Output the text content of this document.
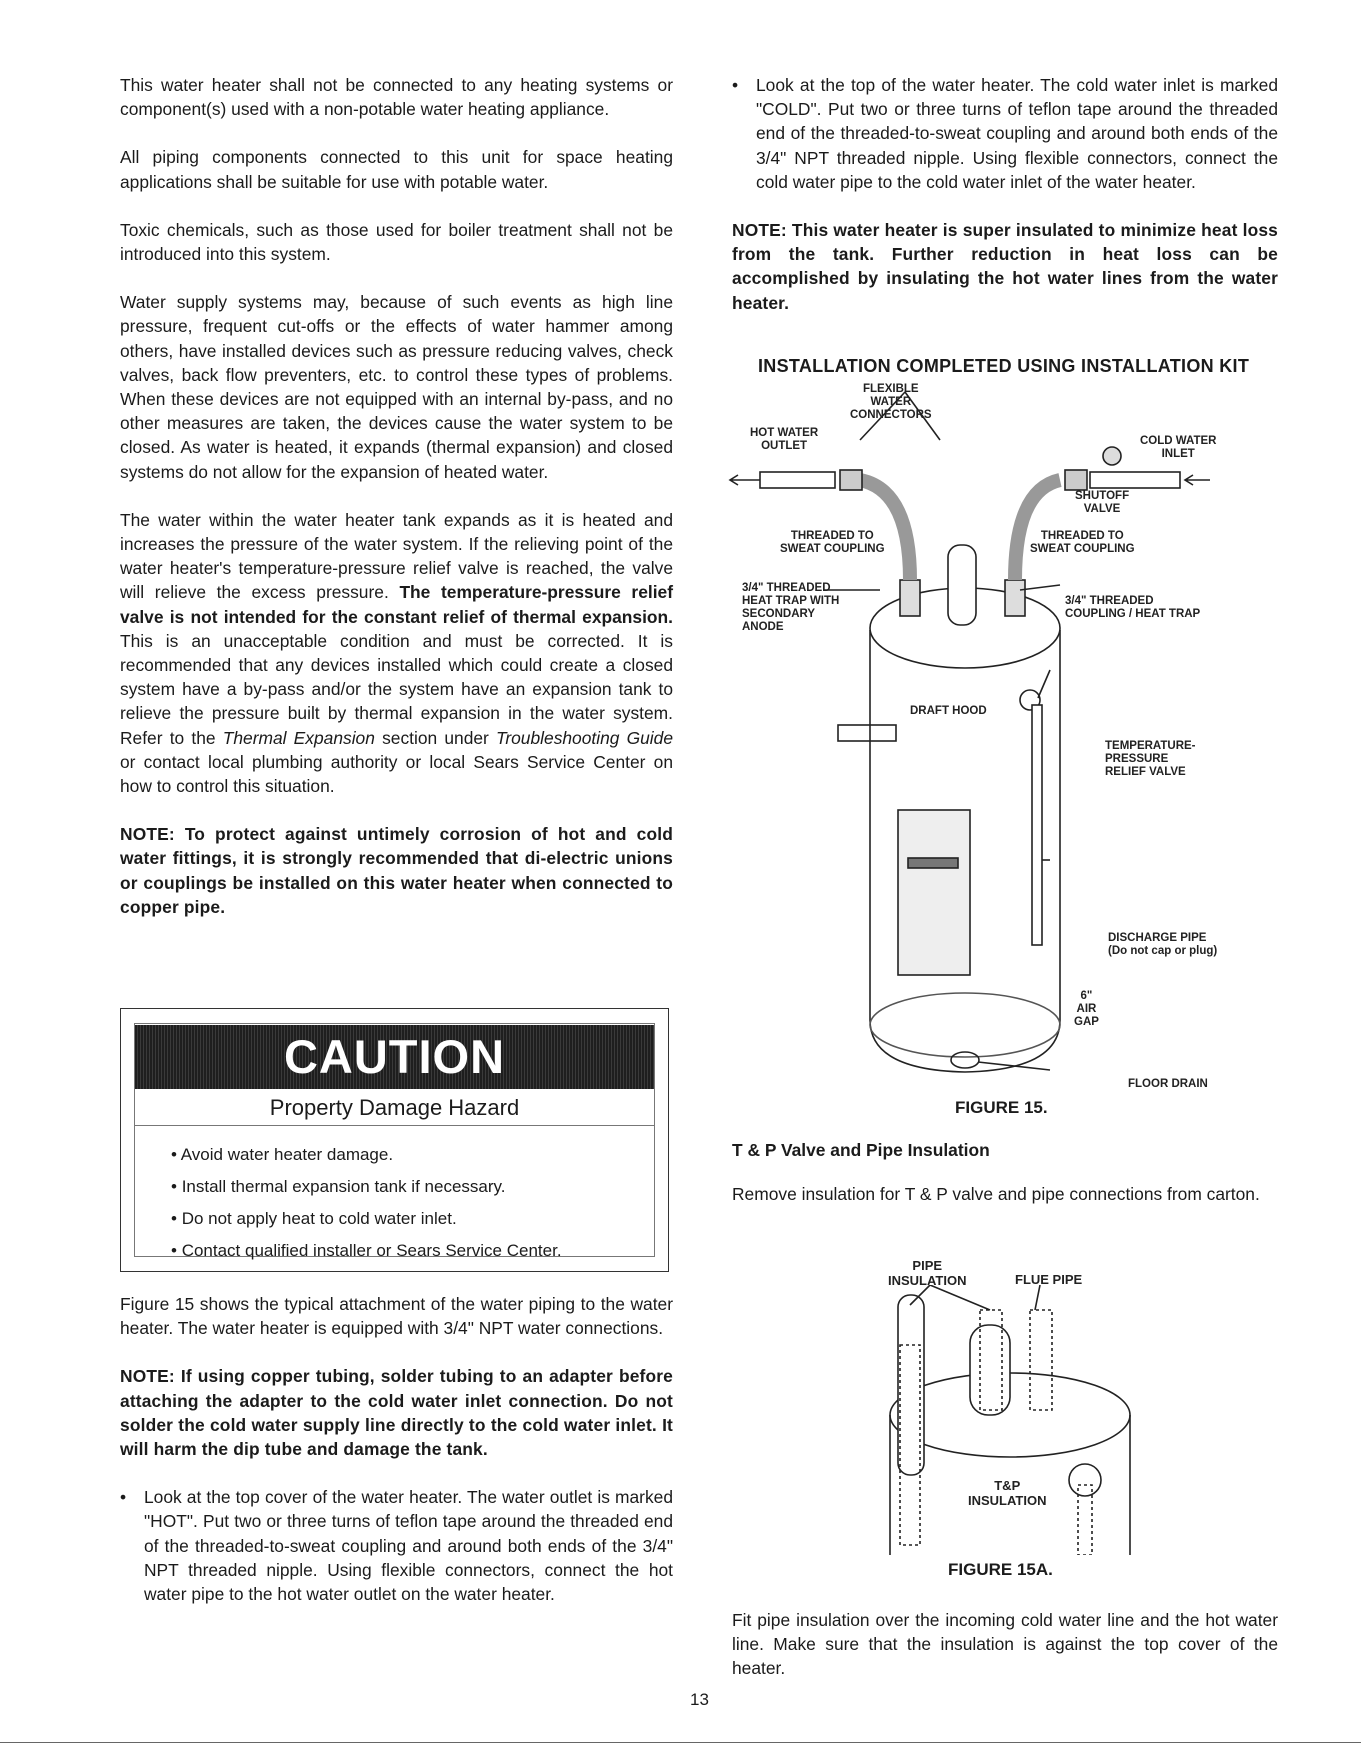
This water heater shall not be connected to any heating systems or component(s) used with a non-potable water heating appliance.

All piping components connected to this unit for space heating applications shall be suitable for use with potable water.

Toxic chemicals, such as those used for boiler treatment shall not be introduced into this system.

Water supply systems may, because of such events as high line pressure, frequent cut-offs or the effects of water hammer among others, have installed devices such as pressure reducing valves, check valves, back flow preventers, etc. to control these types of problems. When these devices are not equipped with an internal by-pass, and no other measures are taken, the devices cause the water system to be closed. As water is heated, it expands (thermal expansion) and closed systems do not allow for the expansion of heated water.

The water within the water heater tank expands as it is heated and increases the pressure of the water system. If the relieving point of the water heater's temperature-pressure relief valve is reached, the valve will relieve the excess pressure. The temperature-pressure relief valve is not intended for the constant relief of thermal expansion. This is an unacceptable condition and must be corrected. It is recommended that any devices installed which could create a closed system have a by-pass and/or the system have an expansion tank to relieve the pressure built by thermal expansion in the water system. Refer to the Thermal Expansion section under Troubleshooting Guide or contact local plumbing authority or local Sears Service Center on how to control this situation.

NOTE: To protect against untimely corrosion of hot and cold water fittings, it is strongly recommended that di-electric unions or couplings be installed on this water heater when connected to copper pipe.

CAUTION
Property Damage Hazard
• Avoid water heater damage.
• Install thermal expansion tank if necessary.
• Do not apply heat to cold water inlet.
• Contact qualified installer or Sears Service Center.

Figure 15 shows the typical attachment of the water piping to the water heater. The water heater is equipped with 3/4" NPT water connections.

NOTE: If using copper tubing, solder tubing to an adapter before attaching the adapter to the cold water inlet connection. Do not solder the cold water supply line directly to the cold water inlet. It will harm the dip tube and damage the tank.

• Look at the top cover of the water heater. The water outlet is marked "HOT". Put two or three turns of teflon tape around the threaded end of the threaded-to-sweat coupling and around both ends of the 3/4" NPT threaded nipple. Using flexible connectors, connect the hot water pipe to the hot water outlet on the water heater.
• Look at the top of the water heater. The cold water inlet is marked "COLD". Put two or three turns of teflon tape around the threaded end of the threaded-to-sweat coupling and around both ends of the 3/4" NPT threaded nipple. Using flexible connectors, connect the cold water pipe to the cold water inlet of the water heater.

NOTE: This water heater is super insulated to minimize heat loss from the tank. Further reduction in heat loss can be accomplished by insulating the hot water lines from the water heater.

INSTALLATION COMPLETED USING INSTALLATION KIT
FLEXIBLE
WATER
CONNECTORS
HOT WATER
OUTLET	COLD WATER
INLET
SHUTOFF
VALVE
THREADED TO
SWEAT COUPLING
THREADED TO
SWEAT COUPLING
3/4" THREADED
HEAT TRAP WITH
SECONDARY
ANODE
3/4" THREADED
COUPLING / HEAT TRAP
DRAFT HOOD
TEMPERATURE-
PRESSURE
RELIEF VALVE
DISCHARGE PIPE
(Do not cap or plug)
6"
AIR
GAP
FLOOR DRAIN
FIGURE 15.

T & P Valve and Pipe Insulation

Remove insulation for T & P valve and pipe connections from carton.

PIPE
INSULATION	FLUE PIPE
T&P
INSULATION
FIGURE 15A.

Fit pipe insulation over the incoming cold water line and the hot water line. Make sure that the insulation is against the top cover of the heater.

13
